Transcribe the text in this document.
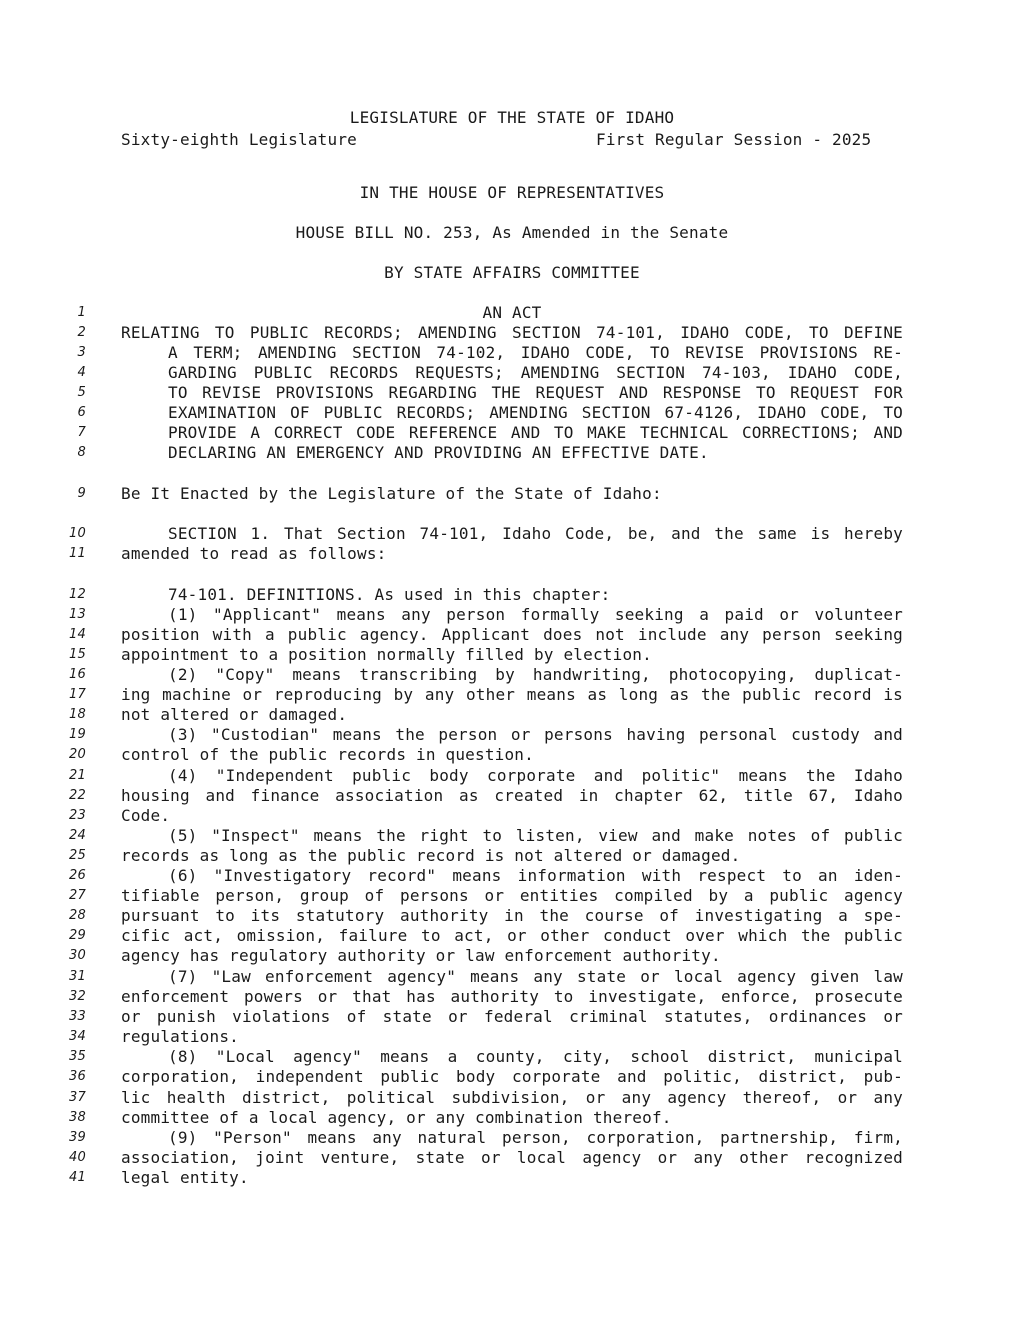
LEGISLATURE OF THE STATE OF IDAHO
Sixty-eighth Legislature	First Regular Session - 2025
IN THE HOUSE OF REPRESENTATIVES
HOUSE BILL NO. 253, As Amended in the Senate
BY STATE AFFAIRS COMMITTEE
1	AN ACT
2 RELATING TO PUBLIC RECORDS; AMENDING SECTION 74-101, IDAHO CODE, TO DEFINE
3	A TERM; AMENDING SECTION 74-102, IDAHO CODE, TO REVISE PROVISIONS RE-
4	GARDING PUBLIC RECORDS REQUESTS; AMENDING SECTION 74-103, IDAHO CODE,
5	TO REVISE PROVISIONS REGARDING THE REQUEST AND RESPONSE TO REQUEST FOR
6	EXAMINATION OF PUBLIC RECORDS; AMENDING SECTION 67-4126, IDAHO CODE, TO
7	PROVIDE A CORRECT CODE REFERENCE AND TO MAKE TECHNICAL CORRECTIONS; AND
8	DECLARING AN EMERGENCY AND PROVIDING AN EFFECTIVE DATE.
9 Be It Enacted by the Legislature of the State of Idaho:
10	SECTION 1. That Section 74-101, Idaho Code, be, and the same is hereby
11 amended to read as follows:
12	74-101. DEFINITIONS. As used in this chapter:
13	(1) "Applicant" means any person formally seeking a paid or volunteer
14 position with a public agency. Applicant does not include any person seeking
15 appointment to a position normally filled by election.
16	(2) "Copy" means transcribing by handwriting, photocopying, duplicat-
17 ing machine or reproducing by any other means as long as the public record is
18 not altered or damaged.
19	(3) "Custodian" means the person or persons having personal custody and
20 control of the public records in question.
21	(4) "Independent public body corporate and politic" means the Idaho
22 housing and finance association as created in chapter 62, title 67, Idaho
23 Code.
24	(5) "Inspect" means the right to listen, view and make notes of public
25 records as long as the public record is not altered or damaged.
26	(6) "Investigatory record" means information with respect to an iden-
27 tifiable person, group of persons or entities compiled by a public agency
28 pursuant to its statutory authority in the course of investigating a spe-
29 cific act, omission, failure to act, or other conduct over which the public
30 agency has regulatory authority or law enforcement authority.
31	(7) "Law enforcement agency" means any state or local agency given law
32 enforcement powers or that has authority to investigate, enforce, prosecute
33 or punish violations of state or federal criminal statutes, ordinances or
34 regulations.
35	(8) "Local agency" means a county, city, school district, municipal
36 corporation, independent public body corporate and politic, district, pub-
37 lic health district, political subdivision, or any agency thereof, or any
38 committee of a local agency, or any combination thereof.
39	(9) "Person" means any natural person, corporation, partnership, firm,
40 association, joint venture, state or local agency or any other recognized
41 legal entity.
